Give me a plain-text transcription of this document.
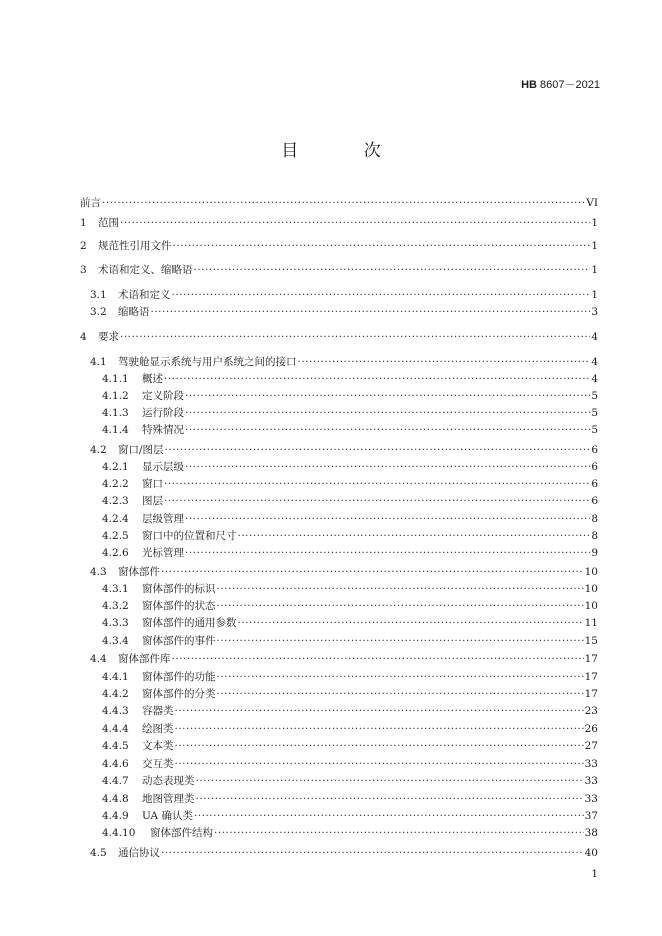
HB 8607－2021
目 次
前言 ·····	VI
1 范围 ·····	1
2 规范性引用文件 ·····	1
3 术语和定义、缩略语 ·····	1
3.1 术语和定义 ·····	1
3.2 缩略语 ·····	3
4 要求 ·····	4
4.1 驾驶舱显示系统与用户系统之间的接口 ·····	4
4.1.1 概述 ·····	4
4.1.2 定义阶段 ·····	5
4.1.3 运行阶段 ·····	5
4.1.4 特殊情况 ·····	5
4.2 窗口/图层 ·····	6
4.2.1 显示层级 ·····	6
4.2.2 窗口 ·····	6
4.2.3 图层 ·····	6
4.2.4 层级管理 ·····	8
4.2.5 窗口中的位置和尺寸 ·····	8
4.2.6 光标管理 ·····	9
4.3 窗体部件 ·····	10
4.3.1 窗体部件的标识 ·····	10
4.3.2 窗体部件的状态 ·····	10
4.3.3 窗体部件的通用参数 ·····	11
4.3.4 窗体部件的事件 ·····	15
4.4 窗体部件库 ·····	17
4.4.1 窗体部件的功能 ·····	17
4.4.2 窗体部件的分类 ·····	17
4.4.3 容器类 ·····	23
4.4.4 绘图类 ·····	26
4.4.5 文本类 ·····	27
4.4.6 交互类 ·····	33
4.4.7 动态表现类 ·····	33
4.4.8 地图管理类 ·····	33
4.4.9 UA 确认类 ·····	37
4.4.10 窗体部件结构 ·····	38
4.5 通信协议 ·····	40
1
